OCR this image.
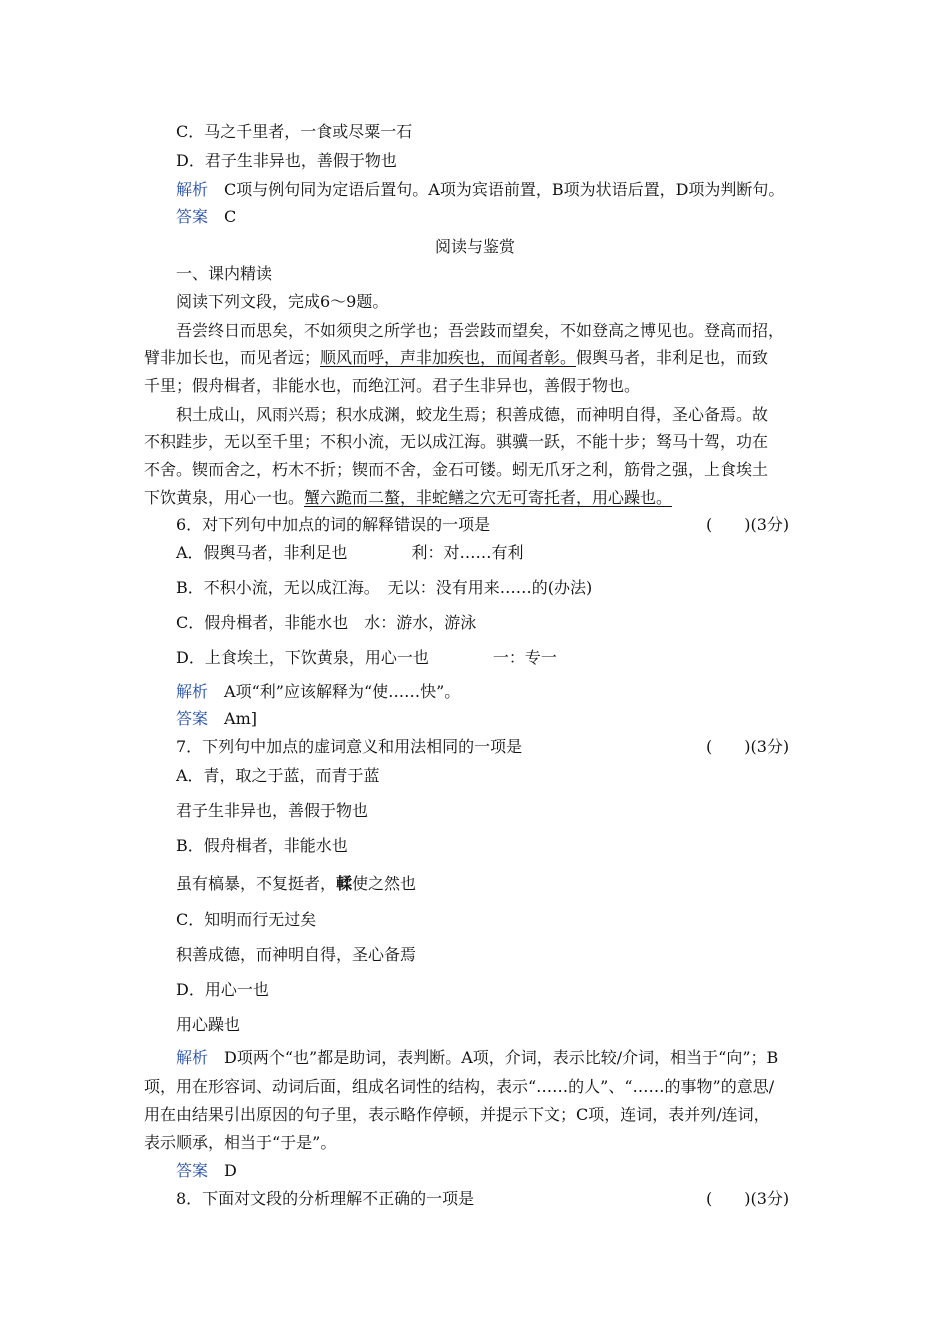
C．马之千里者，一食或尽粟一石
D．君子生非异也，善假于物也
解析　 C项与例句同为定语后置句。A项为宾语前置，B项为状语后置，D项为判断句。
答案　 C
阅读与鉴赏
一、课内精读
阅读下列文段，完成6～9题。
吾尝终日而思矣，不如须臾之所学也；吾尝跂而望矣，不如登高之博见也。登高而招，
臂非加长也，而见者远；顺风而呼，声非加疾也，而闻者彰。假舆马者，非利足也，而致
千里；假舟楫者，非能水也，而绝江河。君子生非异也，善假于物也。
积土成山，风雨兴焉；积水成渊，蛟龙生焉；积善成德，而神明自得，圣心备焉。故
不积跬步，无以至千里；不积小流，无以成江海。骐骥一跃，不能十步；驽马十驾，功在
不舍。锲而舍之，朽木不折；锲而不舍，金石可镂。蚓无爪牙之利，筋骨之强，上食埃土
下饮黄泉，用心一也。蟹六跪而二螯，非蛇鳝之穴无可寄托者，用心躁也。
6．对下列句中加点的词的解释错误的一项是	(　　)(3分)
A．假舆马者，非利足也　　　　利：对……有利
B．不积小流，无以成江海。　无以：没有用来……的(办法)
C．假舟楫者，非能水也　水：游水，游泳
D．上食埃土，下饮黄泉，用心一也　　　　一：专一
解析　 A项“利”应该解释为“使……快”。
答案　 Am]
7．下列句中加点的虚词意义和用法相同的一项是	(　　)(3分)
A．青，取之于蓝，而青于蓝
君子生非异也，善假于物也
B．假舟楫者，非能水也
虽有槁暴，不复挺者，輮使之然也
C．知明而行无过矣
积善成德，而神明自得，圣心备焉
D．用心一也
用心躁也
解析　 D项两个“也”都是助词，表判断。A项，介词，表示比较/介词，相当于“向”；B
项，用在形容词、动词后面，组成名词性的结构，表示“……的人”、“……的事物”的意思/
用在由结果引出原因的句子里，表示略作停顿，并提示下文；C项，连词，表并列/连词，
表示顺承，相当于“于是”。
答案　 D
8．下面对文段的分析理解不正确的一项是	(　　)(3分)
